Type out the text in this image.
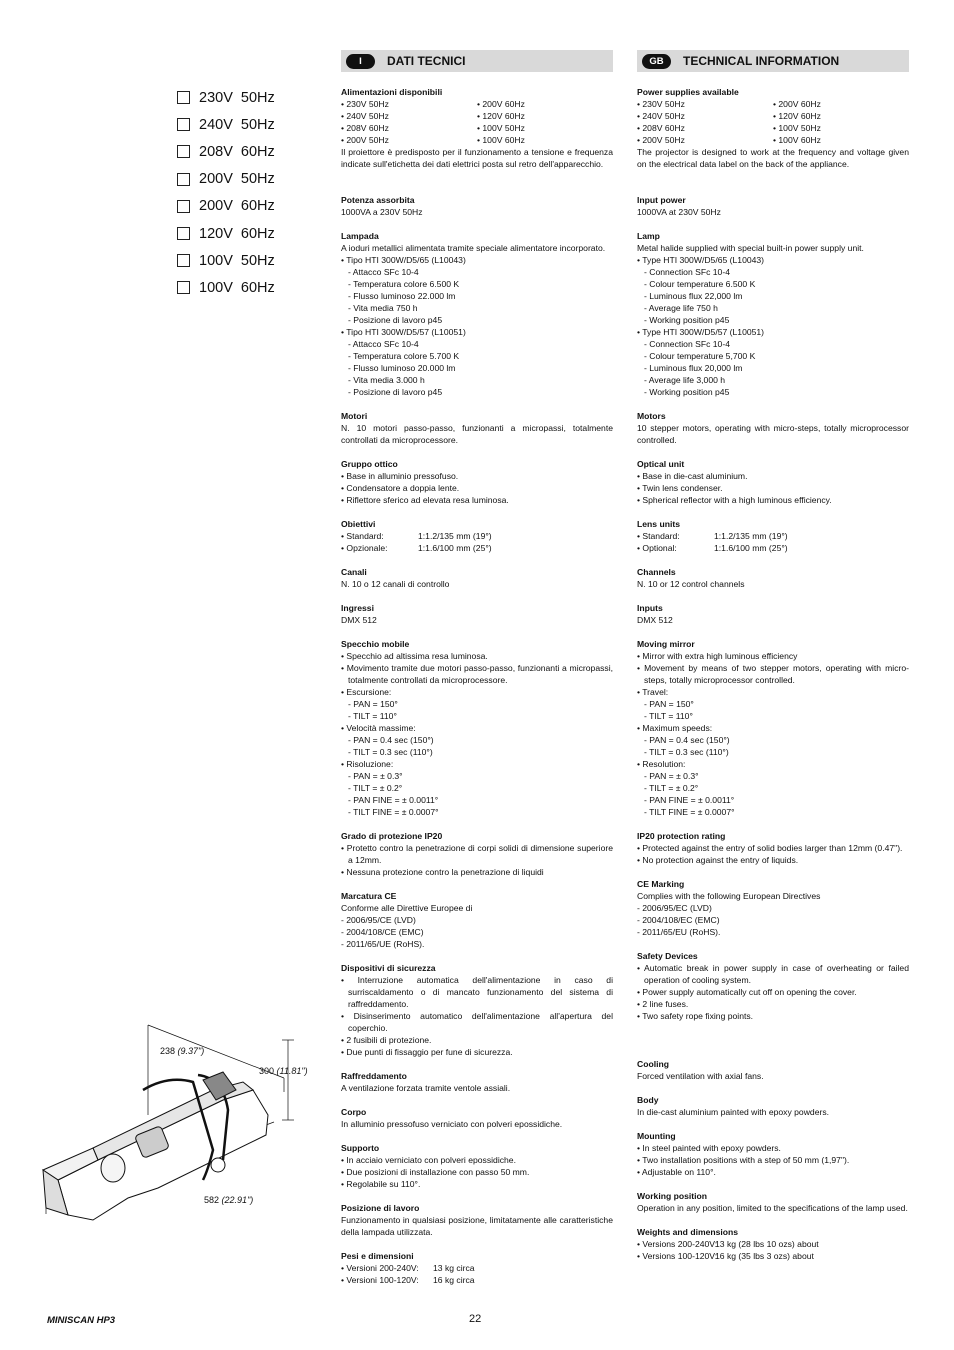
230V  50Hz
240V  50Hz
208V  60Hz
200V  50Hz
200V  60Hz
120V  60Hz
100V  50Hz
100V  60Hz
I	DATI TECNICI
Alimentazioni disponibili
• 230V 50Hz	• 200V 60Hz
• 240V 50Hz	• 120V 60Hz
• 208V 60Hz	• 100V 50Hz
• 200V 50Hz	• 100V 60Hz
Il proiettore è predisposto per il funzionamento a tensione e frequenza indicate sull'etichetta dei dati elettrici posta sul retro dell'apparecchio.
Potenza assorbita
1000VA a 230V 50Hz
Lampada
A ioduri metallici alimentata tramite speciale alimentatore incorporato.
• Tipo HTI 300W/D5/65 (L10043)
- Attacco SFc 10-4
- Temperatura colore 6.500 K
- Flusso luminoso 22.000 lm
- Vita media 750 h
- Posizione di lavoro p45
• Tipo HTI 300W/D5/57 (L10051)
- Attacco SFc 10-4
- Temperatura colore 5.700 K
- Flusso luminoso 20.000 lm
- Vita media 3.000 h
- Posizione di lavoro p45
Motori
N. 10 motori passo-passo, funzionanti a micropassi, totalmente controllati da microprocessore.
Gruppo ottico
• Base in alluminio pressofuso.
• Condensatore a doppia lente.
• Riflettore sferico ad elevata resa luminosa.
Obiettivi
• Standard:	1:1.2/135 mm (19°)
• Opzionale:	1:1.6/100 mm (25°)
Canali
N. 10 o 12 canali di controllo
Ingressi
DMX 512
Specchio mobile
• Specchio ad altissima resa luminosa.
• Movimento tramite due motori passo-passo, funzionanti a micropassi, totalmente controllati da microprocessore.
• Escursione:
- PAN = 150°
- TILT = 110°
• Velocità massime:
- PAN = 0.4 sec (150°)
- TILT = 0.3 sec (110°)
• Risoluzione:
- PAN = ± 0.3°
- TILT = ± 0.2°
- PAN FINE = ± 0.0011°
- TILT FINE = ± 0.0007°
Grado di protezione IP20
• Protetto contro la penetrazione di corpi solidi di dimensione superiore a 12mm.
• Nessuna protezione contro la penetrazione di liquidi
Marcatura CE
Conforme alle Direttive Europee di
- 2006/95/CE (LVD)
- 2004/108/CE (EMC)
- 2011/65/UE (RoHS).
Dispositivi di sicurezza
• Interruzione automatica dell'alimentazione in caso di surriscaldamento o di mancato funzionamento del sistema di raffreddamento.
• Disinserimento automatico dell'alimentazione all'apertura del coperchio.
• 2 fusibili di protezione.
• Due punti di fissaggio per fune di sicurezza.
Raffreddamento
A ventilazione forzata tramite ventole assiali.
Corpo
In alluminio pressofuso verniciato con polveri epossidiche.
Supporto
• In acciaio verniciato con polveri epossidiche.
• Due posizioni di installazione con passo 50 mm.
• Regolabile su 110°.
Posizione di lavoro
Funzionamento in qualsiasi posizione, limitatamente alle caratteristiche della lampada utilizzata.
Pesi e dimensioni
• Versioni 200-240V: 13 kg circa
• Versioni 100-120V: 16 kg circa
GB	TECHNICAL INFORMATION
Power supplies available
• 230V 50Hz	• 200V 60Hz
• 240V 50Hz	• 120V 60Hz
• 208V 60Hz	• 100V 50Hz
• 200V 50Hz	• 100V 60Hz
The projector is designed to work at the frequency and voltage given on the electrical data label on the back of the appliance.
Input power
1000VA at 230V 50Hz
Lamp
Metal halide supplied with special built-in power supply unit.
• Type HTI 300W/D5/65 (L10043)
- Connection SFc 10-4
- Colour temperature 6.500 K
- Luminous flux 22,000 lm
- Average life 750 h
- Working position p45
• Type HTI 300W/D5/57 (L10051)
- Connection SFc 10-4
- Colour temperature 5,700 K
- Luminous flux 20,000 lm
- Average life 3,000 h
- Working position p45
Motors
10 stepper motors, operating with micro-steps, totally microprocessor controlled.
Optical unit
• Base in die-cast aluminium.
• Twin lens condenser.
• Spherical reflector with a high luminous efficiency.
Lens units
• Standard:	1:1.2/135 mm (19°)
• Optional:	1:1.6/100 mm (25°)
Channels
N. 10 or 12 control channels
Inputs
DMX 512
Moving mirror
• Mirror with extra high luminous efficiency
• Movement by means of two stepper motors, operating with micro-steps, totally microprocessor controlled.
• Travel:
- PAN = 150°
- TILT = 110°
• Maximum speeds:
- PAN = 0.4 sec (150°)
- TILT = 0.3 sec (110°)
• Resolution:
- PAN = ± 0.3°
- TILT = ± 0.2°
- PAN FINE = ± 0.0011°
- TILT FINE = ± 0.0007°
IP20 protection rating
• Protected against the entry of solid bodies larger than 12mm (0.47").
• No protection against the entry of liquids.
CE Marking
Complies with the following European Directives
- 2006/95/EC (LVD)
- 2004/108/EC (EMC)
- 2011/65/EU (RoHS).
Safety Devices
• Automatic break in power supply in case of overheating or failed operation of cooling system.
• Power supply automatically cut off on opening the cover.
• 2 line fuses.
• Two safety rope fixing points.
Cooling
Forced ventilation with axial fans.
Body
In die-cast aluminium painted with epoxy powders.
Mounting
• In steel painted with epoxy powders.
• Two installation positions with a step of 50 mm (1,97").
• Adjustable on 110°.
Working position
Operation in any position, limited to the specifications of the lamp used.
Weights and dimensions
• Versions 200-240V:13 kg (28 lbs 10 ozs) about
• Versions 100-120V:16 kg (35 lbs 3 ozs) about
238 (9.37")
300 (11.81")
582 (22.91")
MINISCAN HP3	22
